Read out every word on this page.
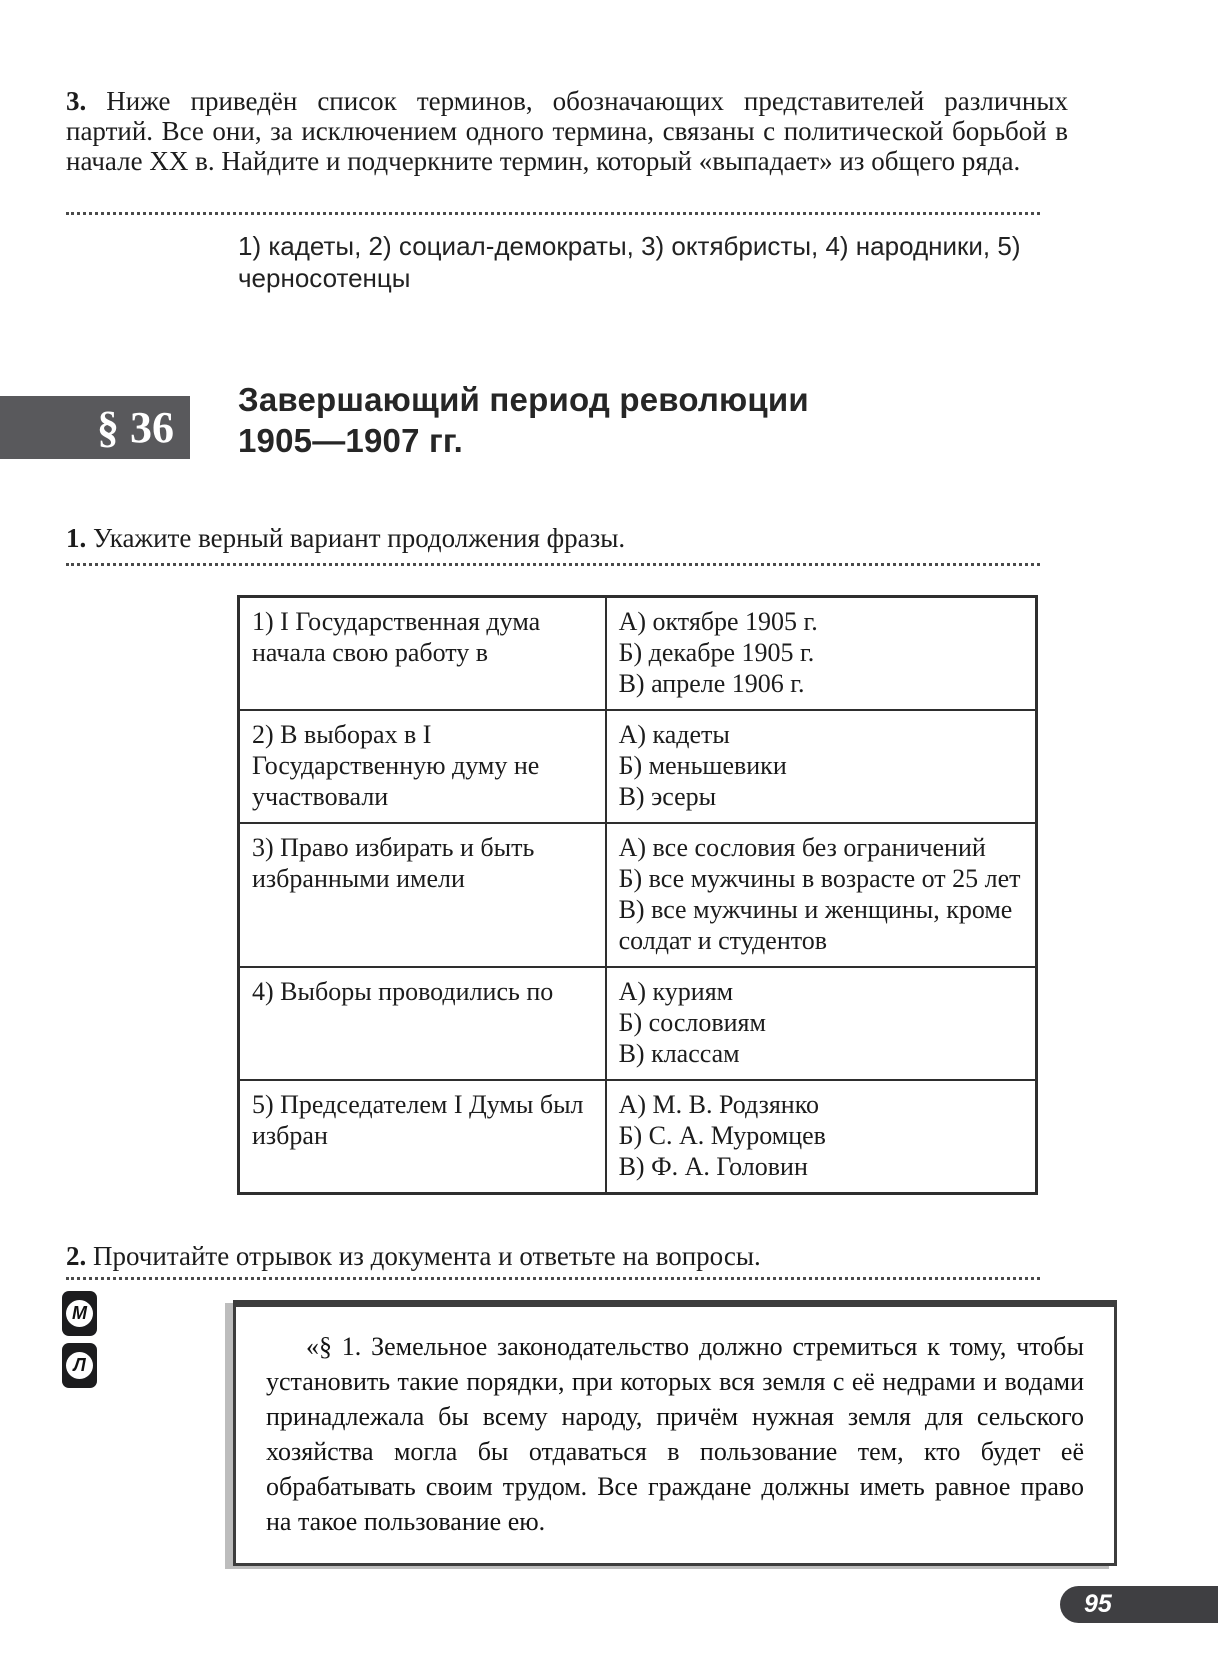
3. Ниже приведён список терминов, обозначающих представителей различных партий. Все они, за исключением одного термина, связаны с политической борьбой в начале XX в. Найдите и подчеркните термин, который «выпадает» из общего ряда.
1) кадеты, 2) социал-демократы, 3) октябристы, 4) народники, 5) черносотенцы
§ 36
Завершающий период революции
1905—1907 гг.
1. Укажите верный вариант продолжения фразы.
1) I Государственная дума начала свою работу в	А) октябре 1905 г.
Б) декабре 1905 г.
В) апреле 1906 г.

2) В выборах в I Государственную думу не участвовали	А) кадеты
Б) меньшевики
В) эсеры

3) Право избирать и быть избранными имели	А) все сословия без ограничений
Б) все мужчины в возрасте от 25 лет
В) все мужчины и женщины, кроме солдат и студентов

4) Выборы проводились по	А) куриям
Б) сословиям
В) классам

5) Председателем I Думы был избран	А) М. В. Родзянко
Б) С. А. Муромцев
В) Ф. А. Головин
2. Прочитайте отрывок из документа и ответьте на вопросы.
М
Л
«§ 1. Земельное законодательство должно стремиться к тому, чтобы установить такие порядки, при которых вся земля с её недрами и водами принадлежала бы всему народу, причём нужная земля для сельского хозяйства могла бы отдаваться в пользование тем, кто будет её обрабатывать своим трудом. Все граждане должны иметь равное право на такое пользование ею.
95
